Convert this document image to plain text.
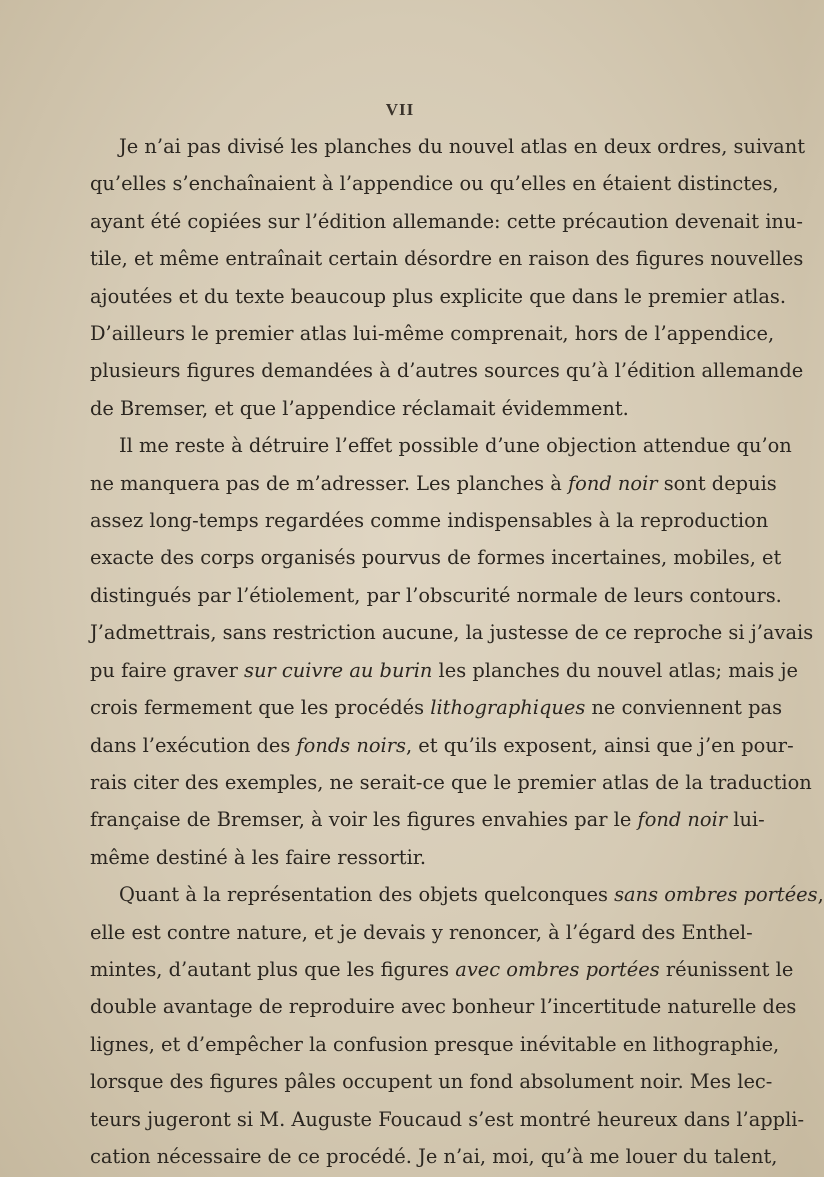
VII

Je n’ai pas divisé les planches du nouvel atlas en deux ordres, suivant
qu’elles s’enchaînaient à l’appendice ou qu’elles en étaient distinctes,
ayant été copiées sur l’édition allemande: cette précaution devenait inu-
tile, et même entraînait certain désordre en raison des figures nouvelles
ajoutées et du texte beaucoup plus explicite que dans le premier atlas.
D’ailleurs le premier atlas lui-même comprenait, hors de l’appendice,
plusieurs figures demandées à d’autres sources qu’à l’édition allemande
de Bremser, et que l’appendice réclamait évidemment.

Il me reste à détruire l’effet possible d’une objection attendue qu’on
ne manquera pas de m’adresser. Les planches à fond noir sont depuis
assez long-temps regardées comme indispensables à la reproduction
exacte des corps organisés pourvus de formes incertaines, mobiles, et
distingués par l’étiolement, par l’obscurité normale de leurs contours.
J’admettrais, sans restriction aucune, la justesse de ce reproche si j’avais
pu faire graver sur cuivre au burin les planches du nouvel atlas; mais je
crois fermement que les procédés lithographiques ne conviennent pas
dans l’exécution des fonds noirs, et qu’ils exposent, ainsi que j’en pour-
rais citer des exemples, ne serait-ce que le premier atlas de la traduction
française de Bremser, à voir les figures envahies par le fond noir lui-
même destiné à les faire ressortir.

Quant à la représentation des objets quelconques sans ombres portées,
elle est contre nature, et je devais y renoncer, à l’égard des Enthel-
mintes, d’autant plus que les figures avec ombres portées réunissent le
double avantage de reproduire avec bonheur l’incertitude naturelle des
lignes, et d’empêcher la confusion presque inévitable en lithographie,
lorsque des figures pâles occupent un fond absolument noir. Mes lec-
teurs jugeront si M. Auguste Foucaud s’est montré heureux dans l’appli-
cation nécessaire de ce procédé. Je n’ai, moi, qu’à me louer du talent,
